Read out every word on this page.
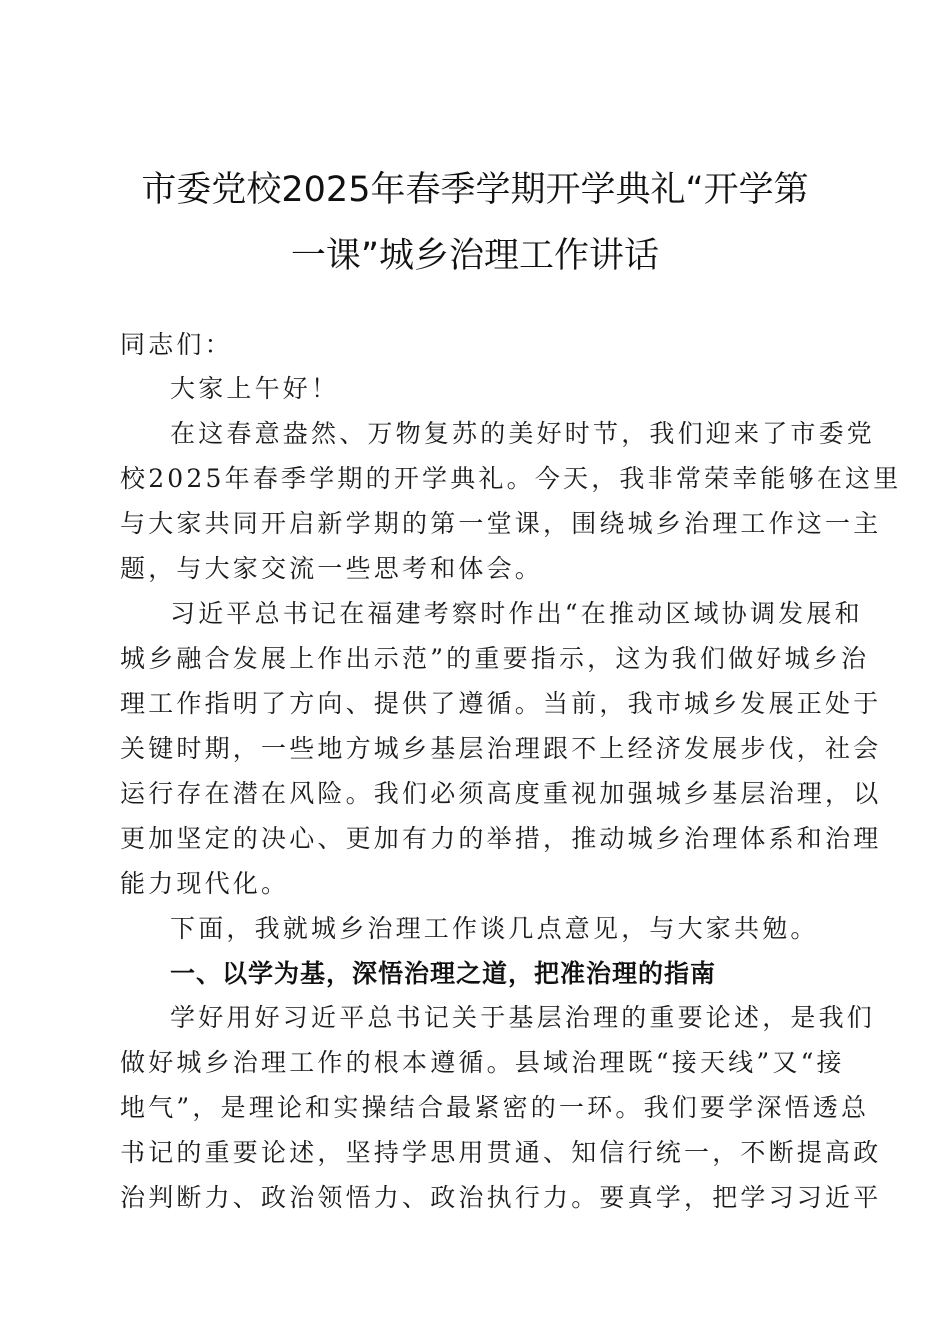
市委党校2025年春季学期开学典礼“开学第
一课”城乡治理工作讲话
同志们：
大家上午好！
在这春意盎然、万物复苏的美好时节，我们迎来了市委党
校2025年春季学期的开学典礼。今天，我非常荣幸能够在这里
与大家共同开启新学期的第一堂课，围绕城乡治理工作这一主
题，与大家交流一些思考和体会。
习近平总书记在福建考察时作出“在推动区域协调发展和
城乡融合发展上作出示范”的重要指示，这为我们做好城乡治
理工作指明了方向、提供了遵循。当前，我市城乡发展正处于
关键时期，一些地方城乡基层治理跟不上经济发展步伐，社会
运行存在潜在风险。我们必须高度重视加强城乡基层治理，以
更加坚定的决心、更加有力的举措，推动城乡治理体系和治理
能力现代化。
下面，我就城乡治理工作谈几点意见，与大家共勉。
一、以学为基，深悟治理之道，把准治理的指南
学好用好习近平总书记关于基层治理的重要论述，是我们
做好城乡治理工作的根本遵循。县域治理既“接天线”又“接
地气”，是理论和实操结合最紧密的一环。我们要学深悟透总
书记的重要论述，坚持学思用贯通、知信行统一，不断提高政
治判断力、政治领悟力、政治执行力。要真学，把学习习近平
